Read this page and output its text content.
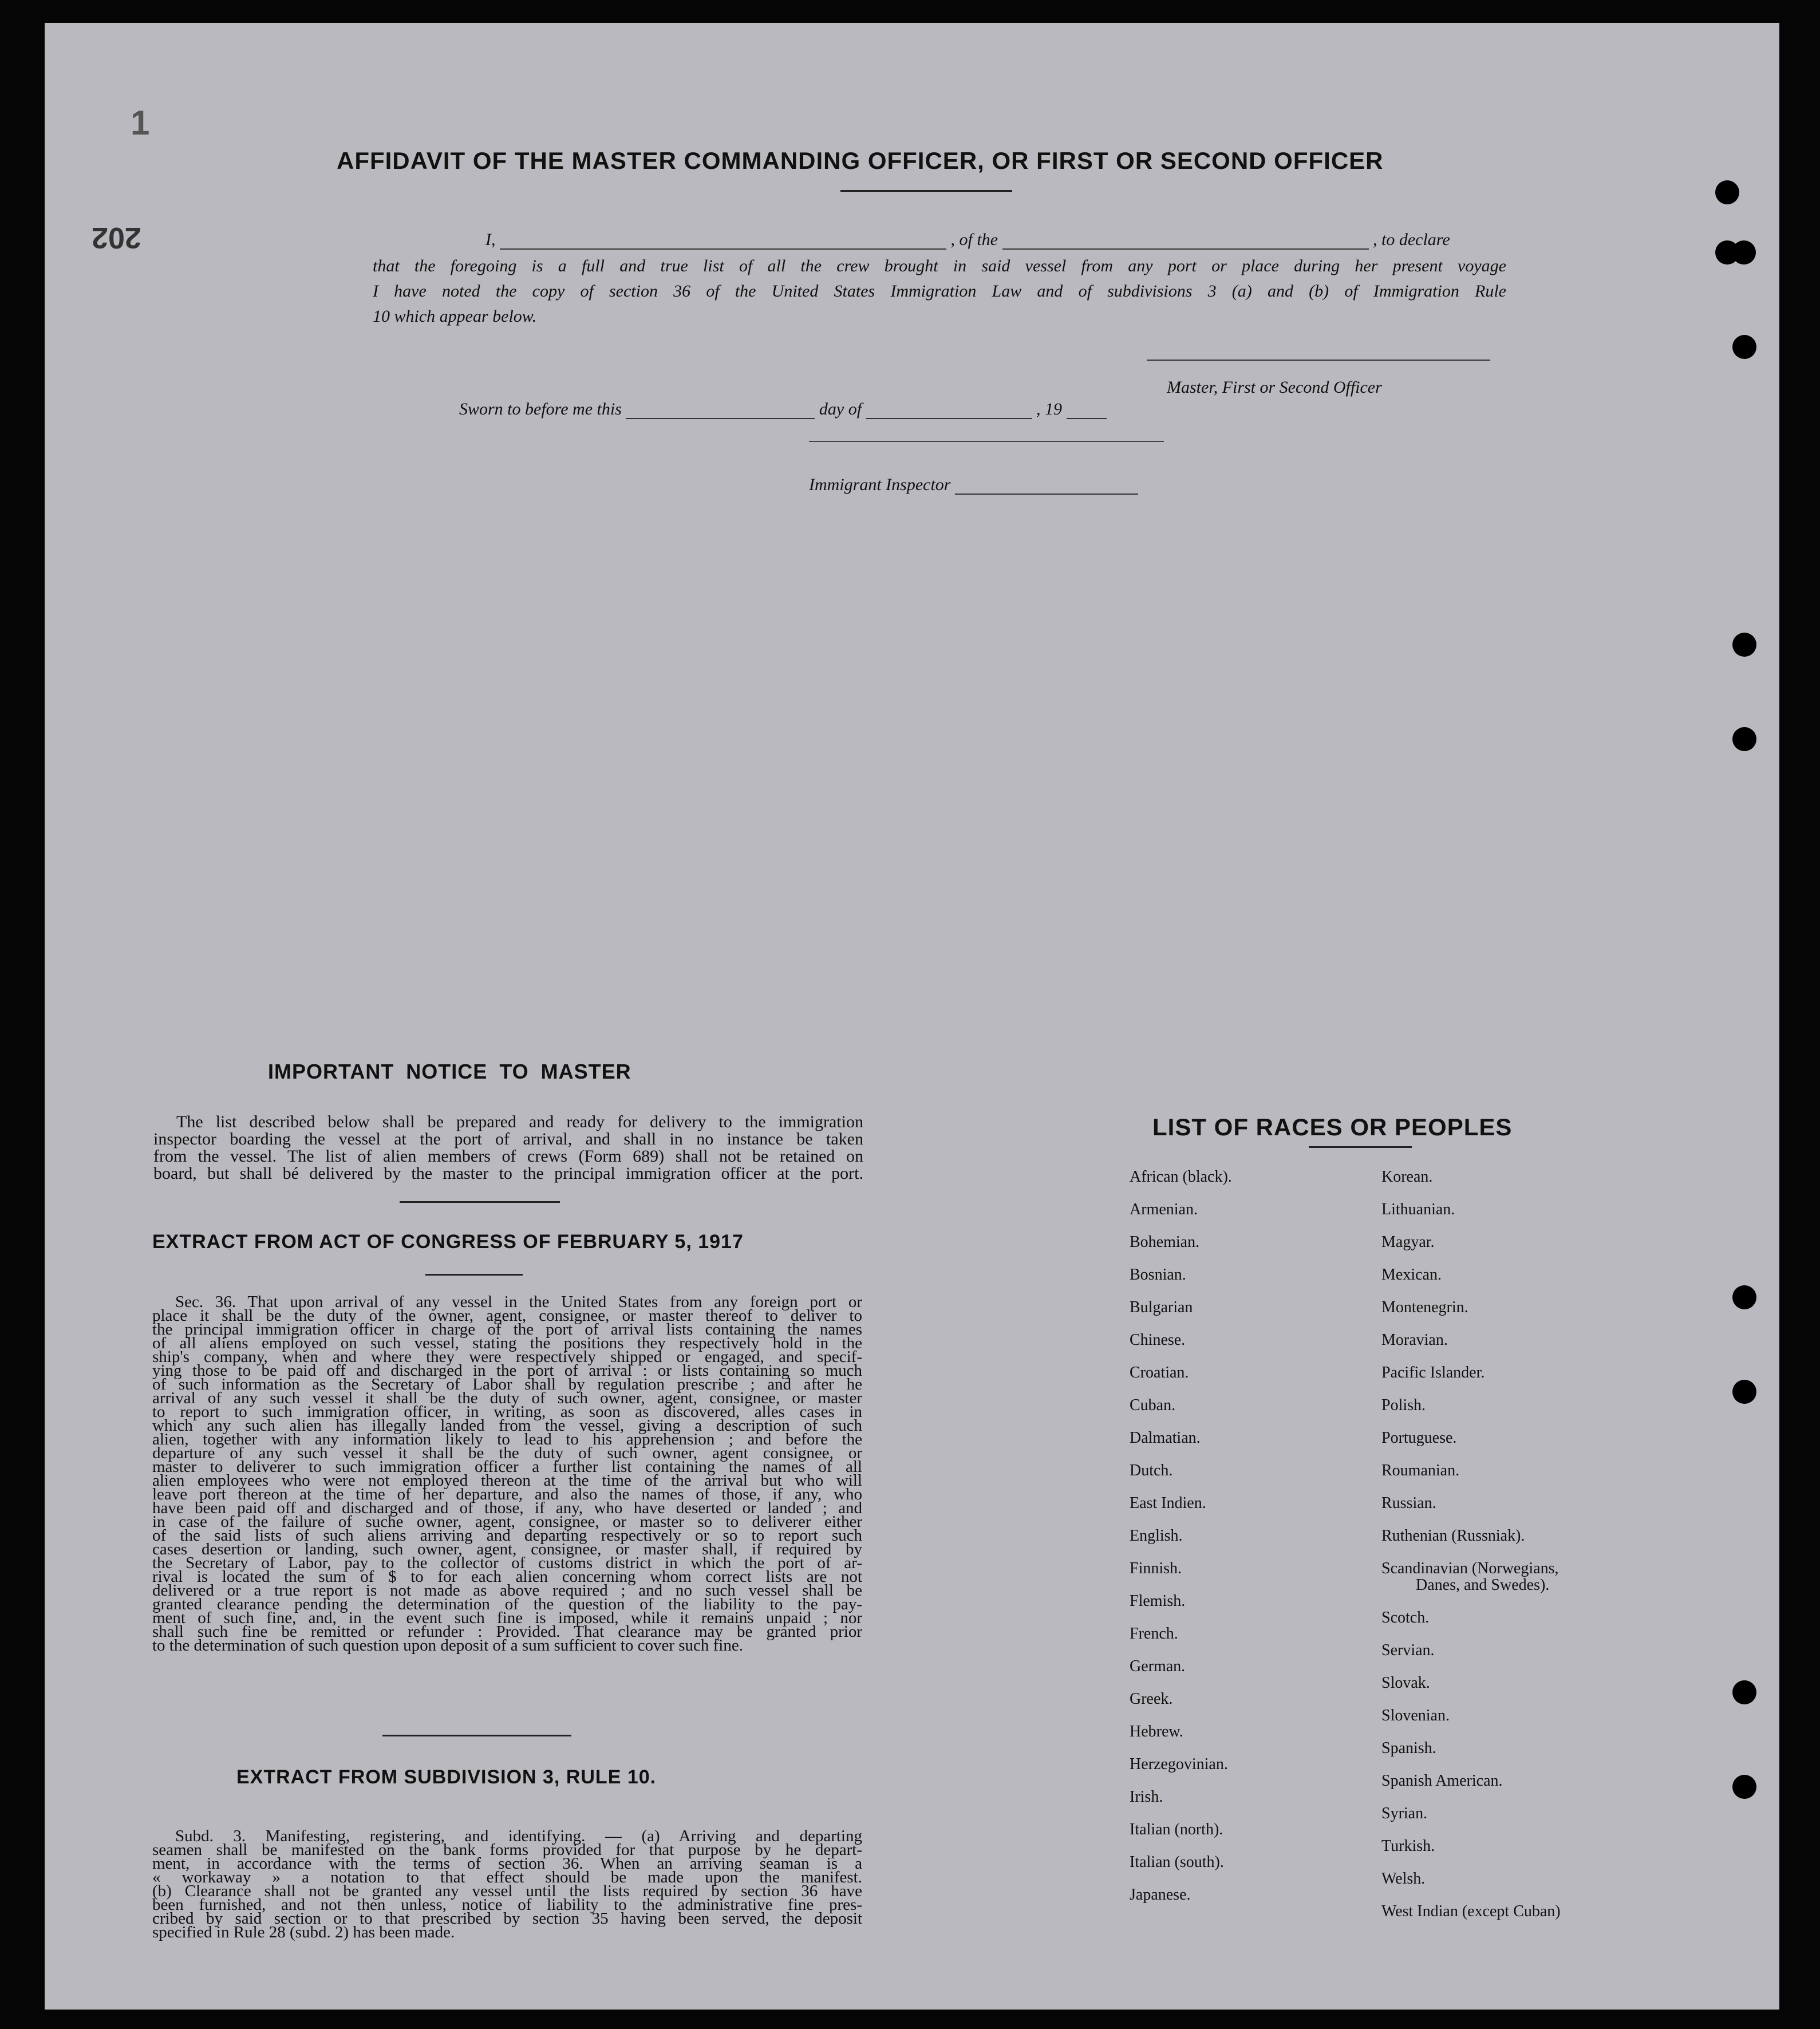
202
1
AFFIDAVIT OF THE MASTER COMMANDING OFFICER, OR FIRST OR SECOND OFFICER
I,	, of the	, to declare
that the foregoing is a full and true list of all the crew brought in said vessel from any port or place during her present voyage
I have noted the copy of section 36 of the United States Immigration Law and of subdivisions 3 (a) and (b) of Immigration Rule
10 which appear below.
Master, First or Second Officer
Sworn to before me this	day of	, 19
Immigrant Inspector
IMPORTANT NOTICE TO MASTER
The list described below shall be prepared and ready for delivery to the immigration
inspector boarding the vessel at the port of arrival, and shall in no instance be taken
from the vessel. The list of alien members of crews (Form 689) shall not be retained on
board, but shall bé delivered by the master to the principal immigration officer at the port.
EXTRACT FROM ACT OF CONGRESS OF FEBRUARY 5, 1917
Sec. 36. That upon arrival of any vessel in the United States from any foreign port or
place it shall be the duty of the owner, agent, consignee, or master thereof to deliver to
the principal immigration officer in charge of the port of arrival lists containing the names
of all aliens employed on such vessel, stating the positions they respectively hold in the
ship's company, when and where they were respectively shipped or engaged, and specif-
ying those to be paid off and discharged in the port of arrival : or lists containing so much
of such information as the Secretary of Labor shall by regulation prescribe ; and after he
arrival of any such vessel it shall be the duty of such owner, agent, consignee, or master
to report to such immigration officer, in writing, as soon as discovered, alles cases in
which any such alien has illegally landed from the vessel, giving a description of such
alien, together with any information likely to lead to his apprehension ; and before the
departure of any such vessel it shall be the duty of such owner, agent consignee, or
master to deliverer to such immigration officer a further list containing the names of all
alien employees who were not employed thereon at the time of the arrival but who will
leave port thereon at the time of her departure, and also the names of those, if any, who
have been paid off and discharged and of those, if any, who have deserted or landed ; and
in case of the failure of suche owner, agent, consignee, or master so to deliverer either
of the said lists of such aliens arriving and departing respectively or so to report such
cases desertion or landing, such owner, agent, consignee, or master shall, if required by
the Secretary of Labor, pay to the collector of customs district in which the port of ar-
rival is located the sum of $ to for each alien concerning whom correct lists are not
delivered or a true report is not made as above required ; and no such vessel shall be
granted clearance pending the determination of the question of the liability to the pay-
ment of such fine, and, in the event such fine is imposed, while it remains unpaid ; nor
shall such fine be remitted or refunder : Provided. That clearance may be granted prior
to the determination of such question upon deposit of a sum sufficient to cover such fine.
EXTRACT FROM SUBDIVISION 3, RULE 10.
Subd. 3. Manifesting, registering, and identifying. — (a) Arriving and departing
seamen shall be manifested on the bank forms provided for that purpose by he depart-
ment, in accordance with the terms of section 36. When an arriving seaman is a
« workaway » a notation to that effect should be made upon the manifest.
(b) Clearance shall not be granted any vessel until the lists required by section 36 have
been furnished, and not then unless, notice of liability to the administrative fine pres-
cribed by said section or to that prescribed by section 35 having been served, the deposit
specified in Rule 28 (subd. 2) has been made.
LIST OF RACES OR PEOPLES
African (black).
Armenian.
Bohemian.
Bosnian.
Bulgarian
Chinese.
Croatian.
Cuban.
Dalmatian.
Dutch.
East Indien.
English.
Finnish.
Flemish.
French.
German.
Greek.
Hebrew.
Herzegovinian.
Irish.
Italian (north).
Italian (south).
Japanese.
Korean.
Lithuanian.
Magyar.
Mexican.
Montenegrin.
Moravian.
Pacific Islander.
Polish.
Portuguese.
Roumanian.
Russian.
Ruthenian (Russniak).
Scandinavian (Norwegians,
Danes, and Swedes).
Scotch.
Servian.
Slovak.
Slovenian.
Spanish.
Spanish American.
Syrian.
Turkish.
Welsh.
West Indian (except Cuban)
